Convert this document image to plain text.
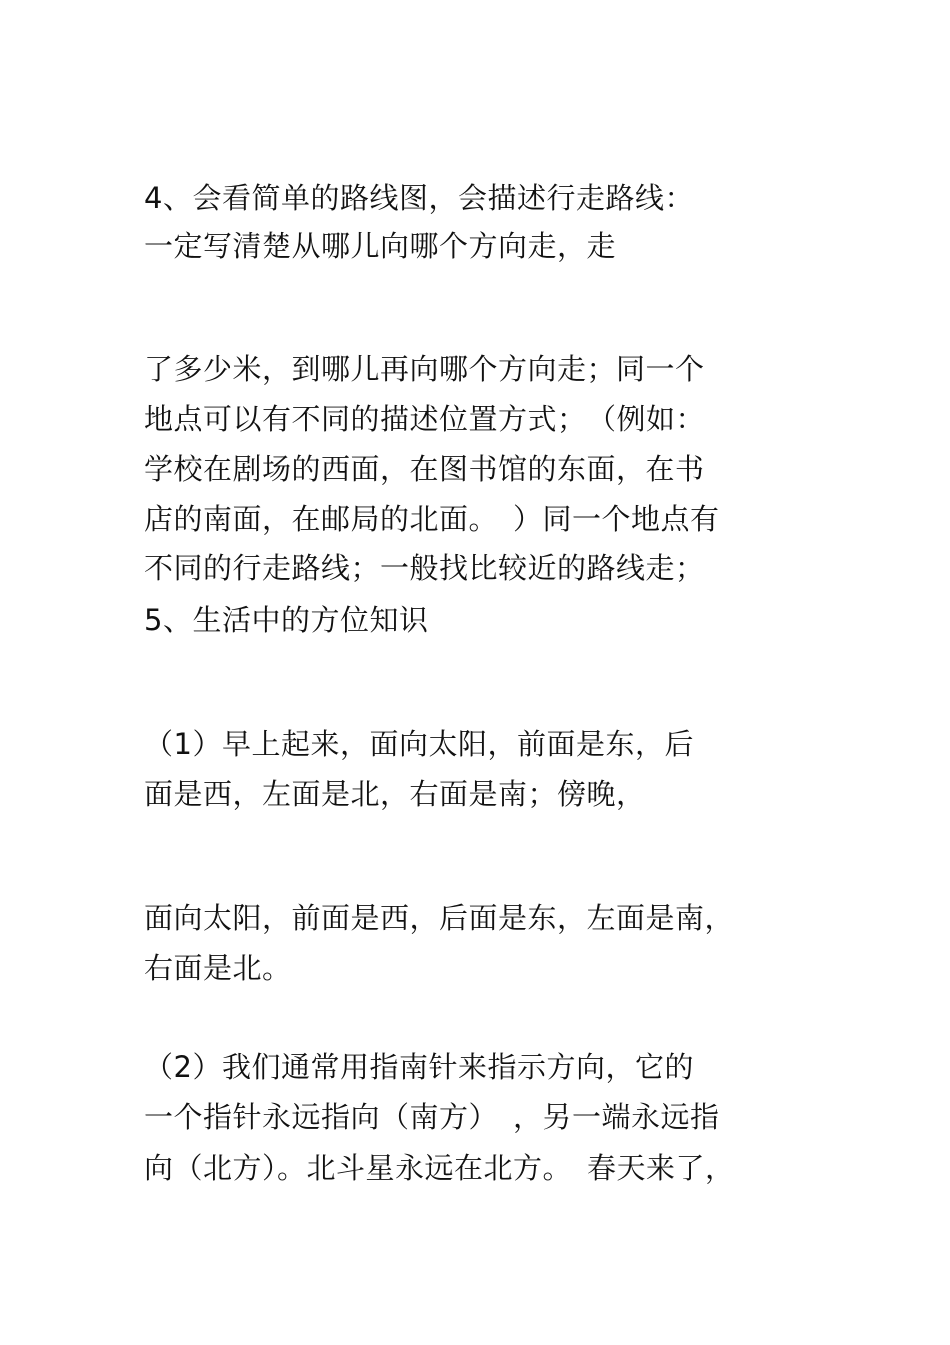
4、会看简单的路线图，会描述行走路线：
一定写清楚从哪儿向哪个方向走，走
了多少米，到哪儿再向哪个方向走；同一个
地点可以有不同的描述位置方式；　（例如：
学校在剧场的西面，在图书馆的东面，在书
店的南面，在邮局的北面。　）同一个地点有
不同的行走路线；一般找比较近的路线走；
5、生活中的方位知识
（1）早上起来，面向太阳，前面是东，后
面是西，左面是北，右面是南；傍晚，
面向太阳，前面是西，后面是东，左面是南，
右面是北。
（2）我们通常用指南针来指示方向，它的
一个指针永远指向（南方）　，另一端永远指
向（北方）。北斗星永远在北方。　春天来了，
